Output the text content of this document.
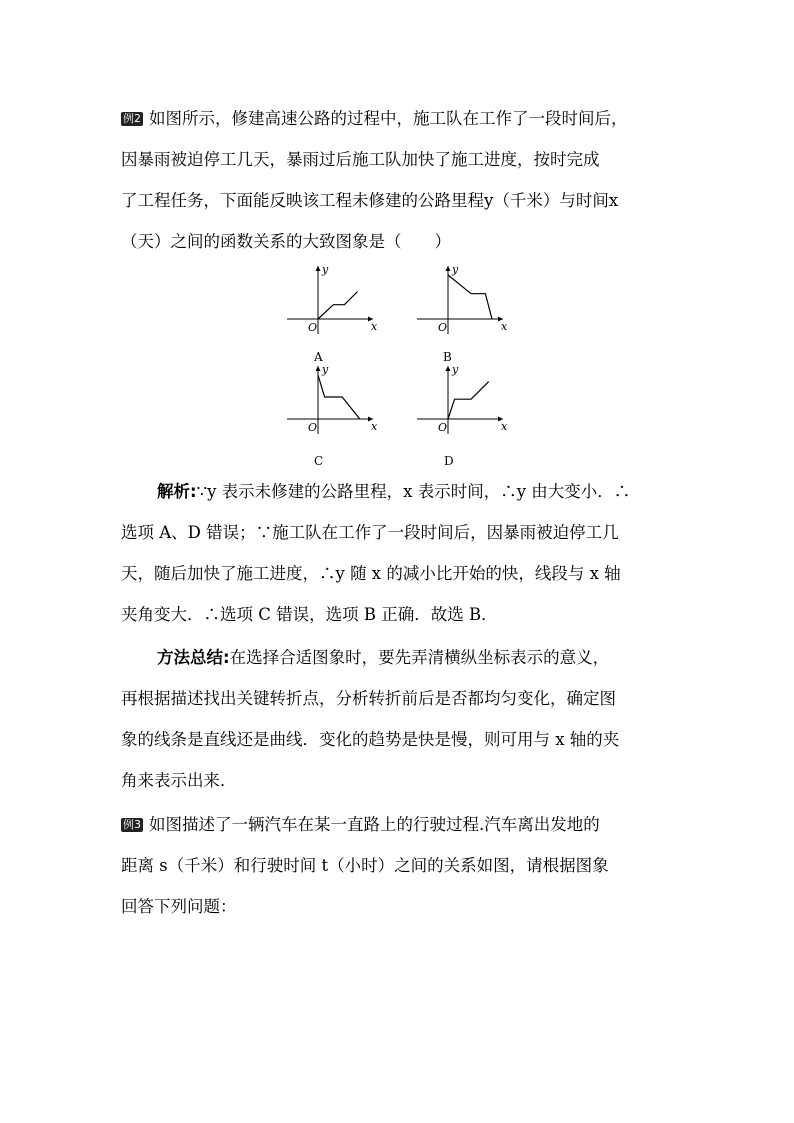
例2 如图所示，修建高速公路的过程中，施工队在工作了一段时间后，
因暴雨被迫停工几天，暴雨过后施工队加快了施工进度，按时完成
了工程任务，下面能反映该工程未修建的公路里程y（千米）与时间x
（天）之间的函数关系的大致图象是（　　）
x
y
O
A
x
y
O
B
x
y
O
C
x
y
O
D
解析:∵y 表示未修建的公路里程，x 表示时间，∴y 由大变小．∴
选项 A、D 错误；∵施工队在工作了一段时间后，因暴雨被迫停工几
天，随后加快了施工进度，∴y 随 x 的减小比开始的快，线段与 x 轴
夹角变大．∴选项 C 错误，选项 B 正确．故选 B．
方法总结:在选择合适图象时，要先弄清横纵坐标表示的意义，
再根据描述找出关键转折点，分析转折前后是否都均匀变化，确定图
象的线条是直线还是曲线．变化的趋势是快是慢，则可用与 x 轴的夹
角来表示出来．
例3 如图描述了一辆汽车在某一直路上的行驶过程.汽车离出发地的
距离 s（千米）和行驶时间 t（小时）之间的关系如图，请根据图象
回答下列问题：
